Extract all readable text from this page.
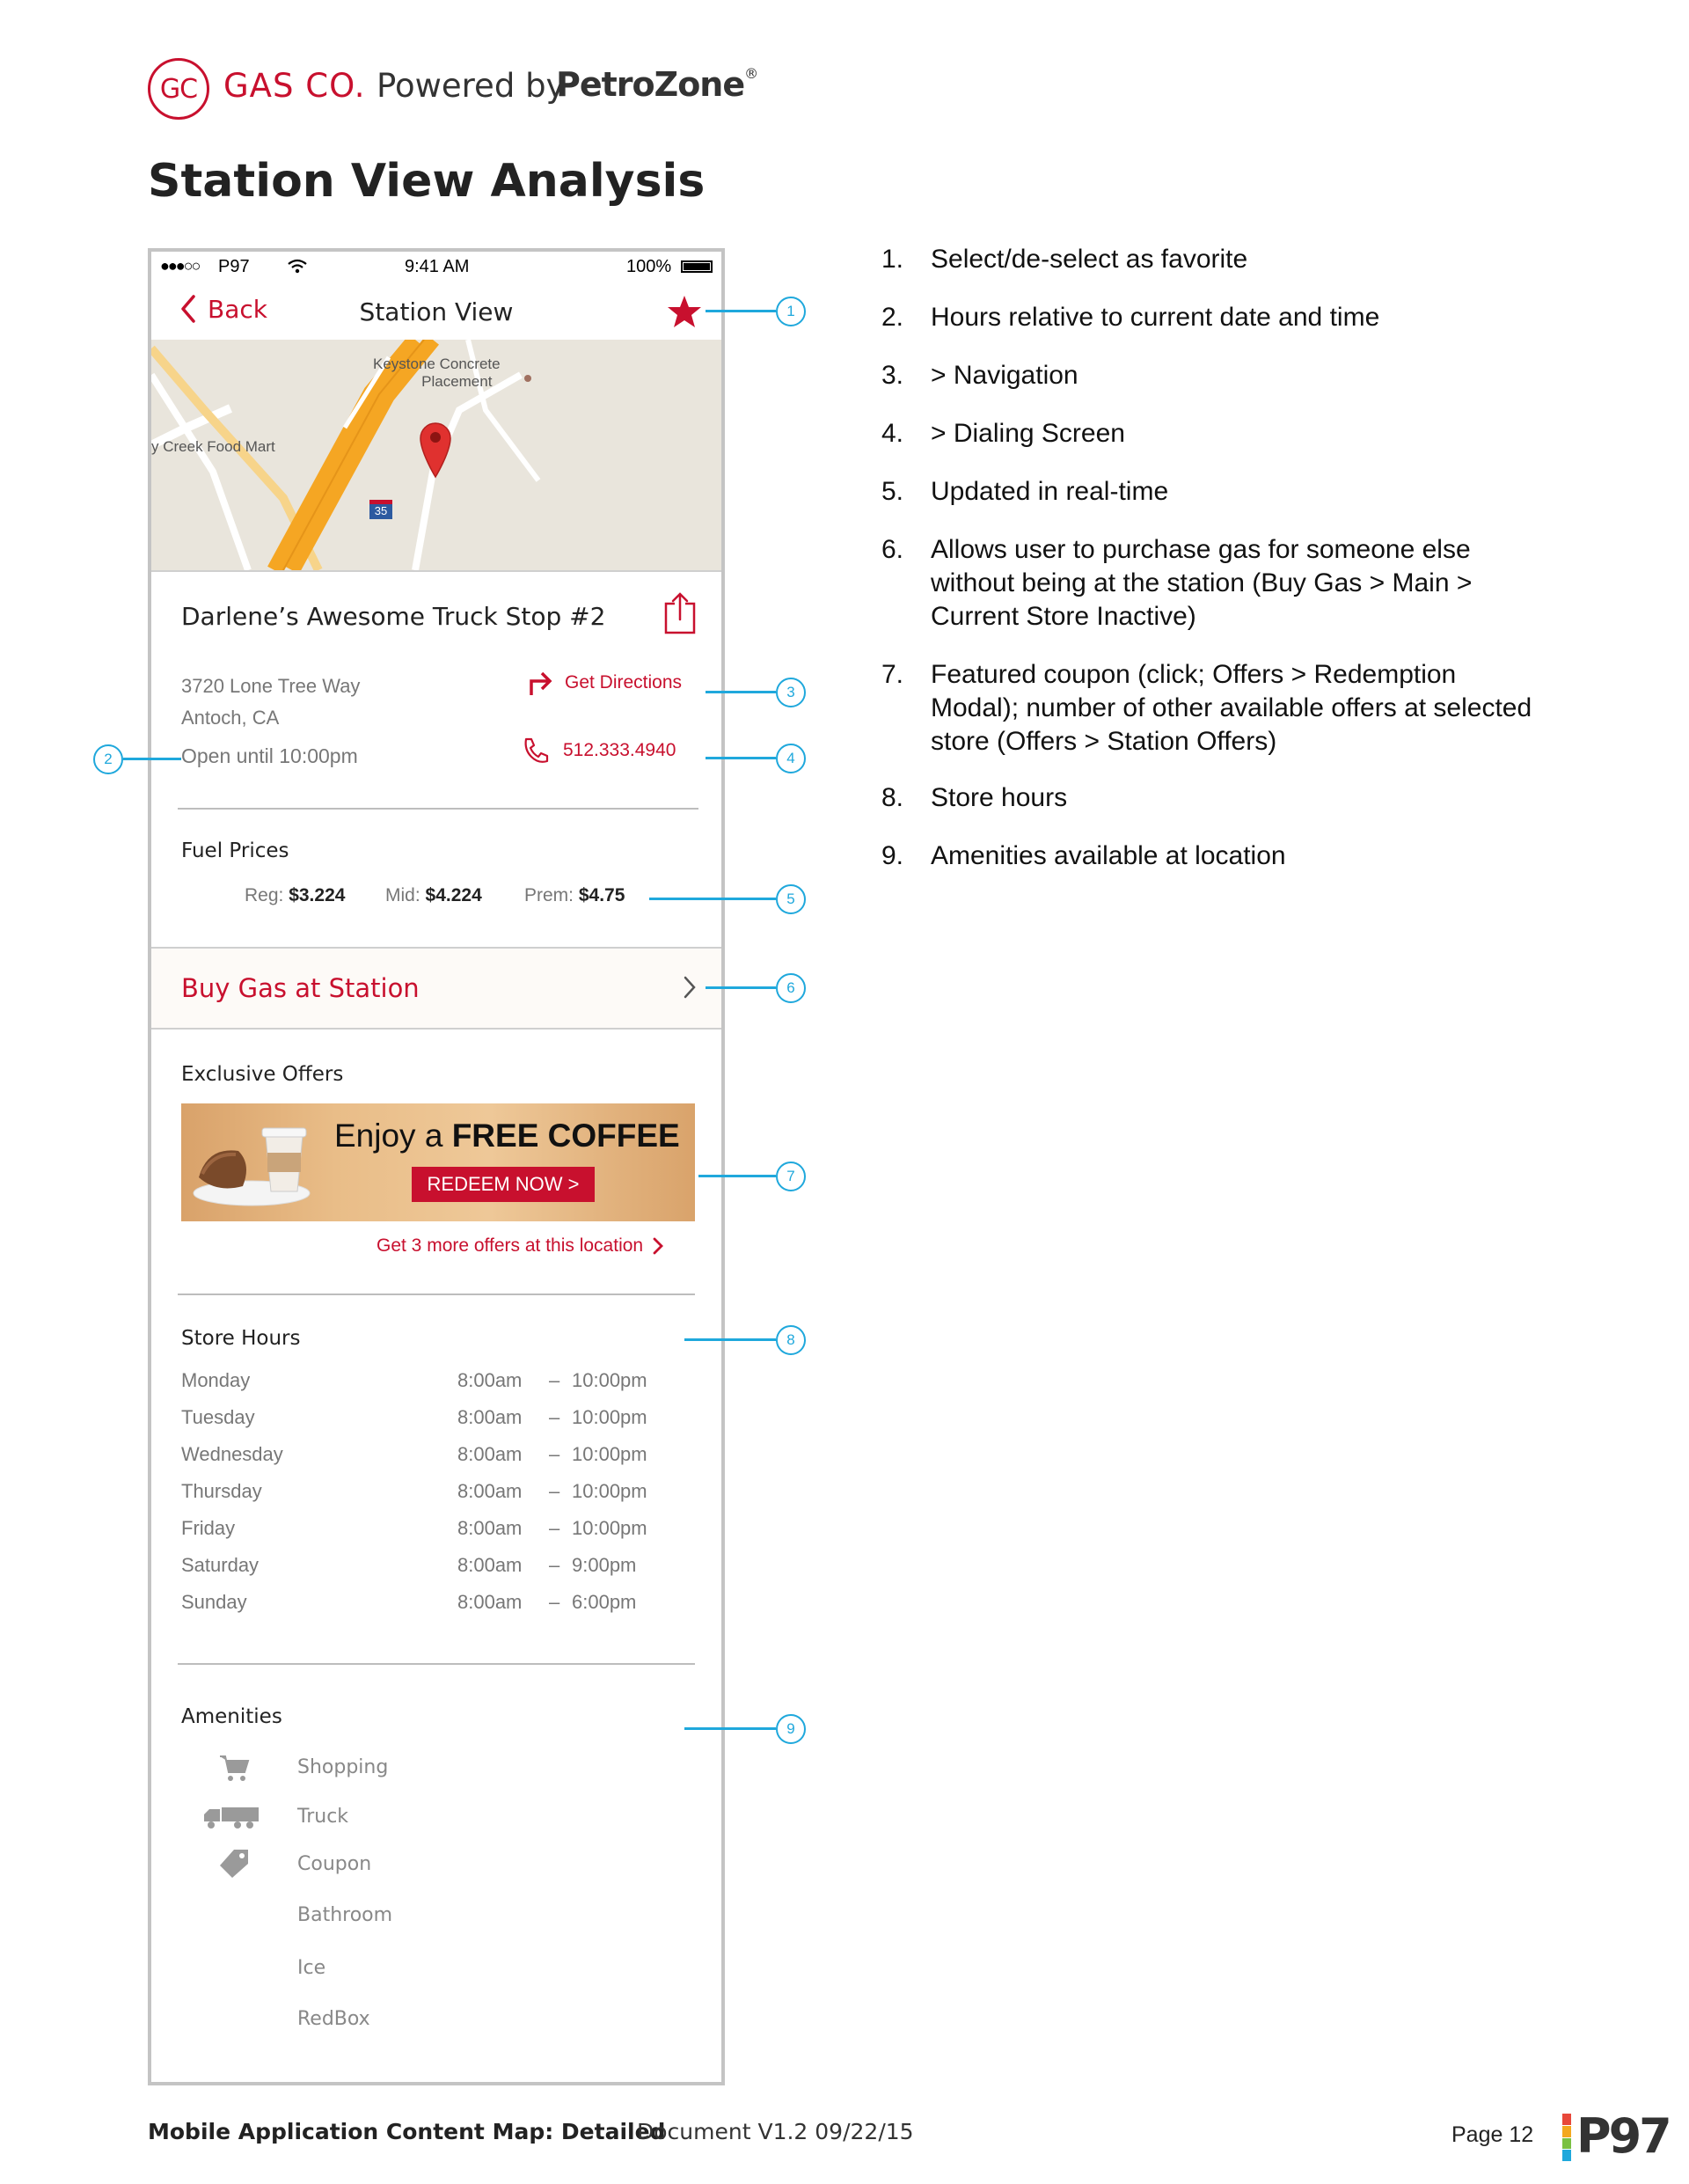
GC GAS CO. Powered by
PetroZone®
Station View Analysis
●●●○○ P97	9:41 AM	100%
Back	Station View
Keystone Concrete
Placement
y Creek Food Mart
35
Darlene’s Awesome Truck Stop #2
3720 Lone Tree Way
Antoch, CA
Get Directions
512.333.4940
Open until 10:00pm
Fuel Prices
Reg: $3.224 Mid: $4.224 Prem: $4.75
Buy Gas at Station
Exclusive Offers
Enjoy a FREE COFFEE
REDEEM NOW >
Get 3 more offers at this location
Store Hours
Monday	8:00am – 10:00pm
Tuesday	8:00am – 10:00pm
Wednesday	8:00am – 10:00pm
Thursday	8:00am – 10:00pm
Friday	8:00am – 10:00pm
Saturday	8:00am – 9:00pm
Sunday	8:00am – 6:00pm
Amenities
Shopping
Truck
Coupon
Bathroom
Ice
RedBox
1
2
3
4
5
6
7
8
9
1. Select/de-select as favorite
2. Hours relative to current date and time
3. > Navigation
4. > Dialing Screen
5. Updated in real-time
6. Allows user to purchase gas for someone else without being at the station (Buy Gas > Main > Current Store Inactive)
7. Featured coupon (click; Offers > Redemption Modal); number of other available offers at selected store (Offers > Station Offers)
8. Store hours
9. Amenities available at location
Mobile Application Content Map: Detailed
Document V1.2 09/22/15	Page 12 P97
